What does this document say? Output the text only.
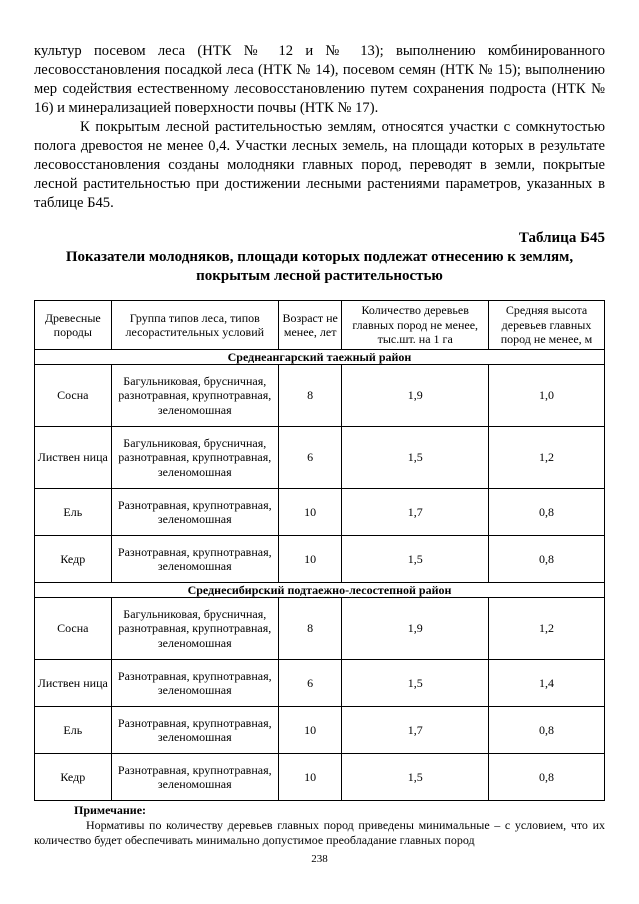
культур посевом леса (НТК № 12 и № 13); выполнению комбинированного лесовосстановления посадкой леса (НТК № 14), посевом семян (НТК № 15); выполнению мер содействия естественному лесовосстановлению путем сохранения подроста (НТК № 16) и минерализацией поверхности почвы (НТК № 17).

К покрытым лесной растительностью землям, относятся участки с сомкнутостью полога древостоя не менее 0,4. Участки лесных земель, на площади которых в результате лесовосстановления созданы молодняки главных пород, переводят в земли, покрытые лесной растительностью при достижении лесными растениями параметров, указанных в таблице Б45.

Таблица Б45

Показатели молодняков, площади которых подлежат отнесению к землям, покрытым лесной растительностью

Древесные породы	Группа типов леса, типов лесорастительных условий	Возраст не менее, лет	Количество деревьев главных пород не менее, тыс.шт. на 1 га	Средняя высота деревьев главных пород не менее, м
Среднеангарский таежный район				
Сосна	Багульниковая, брусничная, разнотравная, крупнотравная, зеленомошная	8	1,9	1,0
Листвен ница	Багульниковая, брусничная, разнотравная, крупнотравная, зеленомошная	6	1,5	1,2
Ель	Разнотравная, крупнотравная, зеленомошная	10	1,7	0,8
Кедр	Разнотравная, крупнотравная, зеленомошная	10	1,5	0,8
Среднесибирский подтаежно-лесостепной район				
Сосна	Багульниковая, брусничная, разнотравная, крупнотравная, зеленомошная	8	1,9	1,2
Листвен ница	Разнотравная, крупнотравная, зеленомошная	6	1,5	1,4
Ель	Разнотравная, крупнотравная, зеленомошная	10	1,7	0,8
Кедр	Разнотравная, крупнотравная, зеленомошная	10	1,5	0,8
Примечание:
Нормативы по количеству деревьев главных пород приведены минимальные – с условием, что их количество будет обеспечивать минимально допустимое преобладание главных пород
238
